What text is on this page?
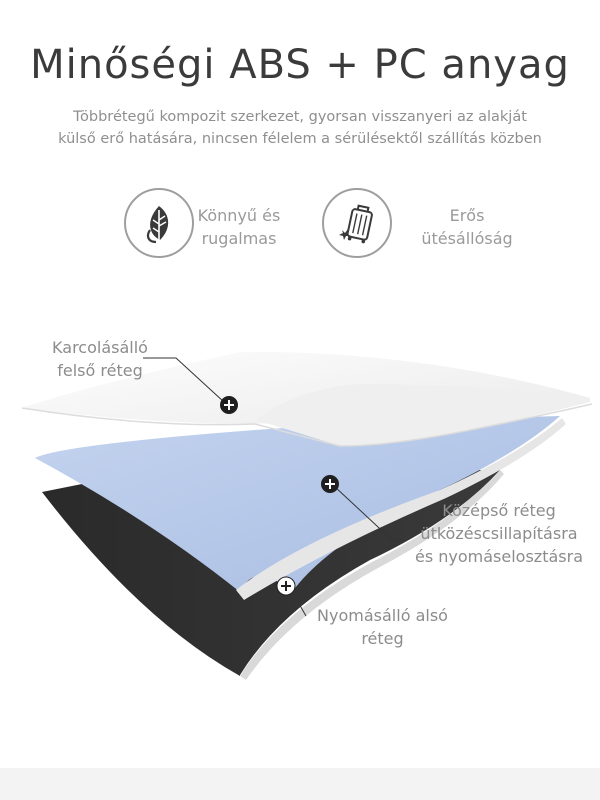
Minőségi ABS + PC anyag
Többrétegű kompozit szerkezet, gyorsan visszanyeri az alakját
külső erő hatására, nincsen félelem a sérülésektől szállítás közben
Könnyű és
rugalmas
Erős
ütésállóság
Karcolásálló
felső réteg
Középső réteg
ütközéscsillapításra
és nyomáselosztásra
Nyomásálló alsó
réteg
